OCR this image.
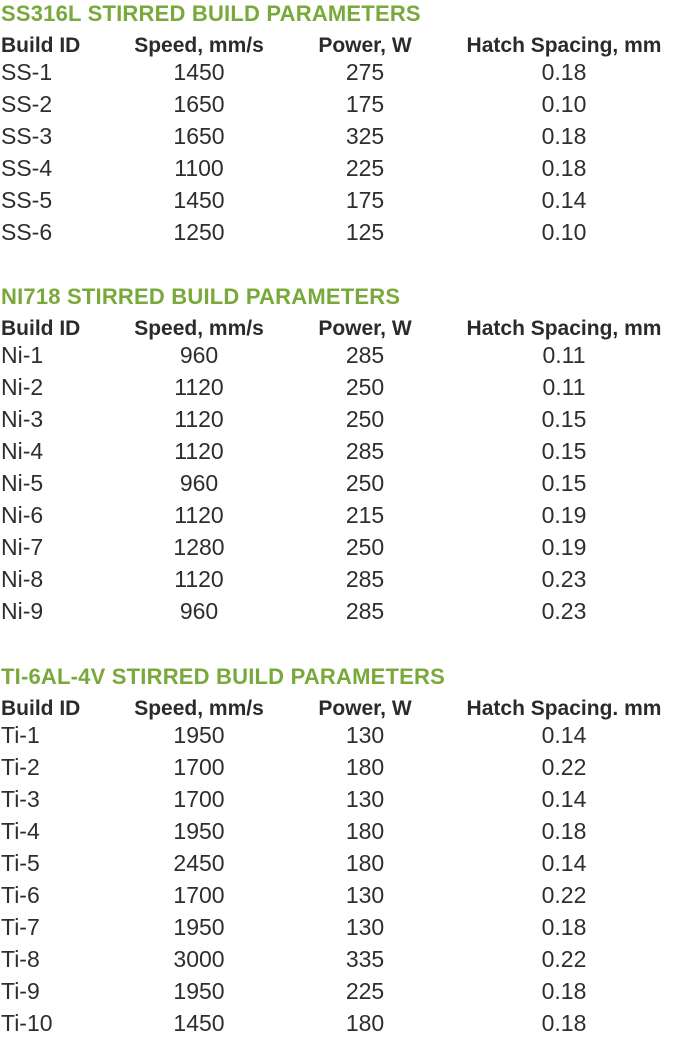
SS316L STIRRED BUILD PARAMETERS
Build ID	Speed, mm/s	Power, W	Hatch Spacing, mm
SS-1	1450	275	0.18
SS-2	1650	175	0.10
SS-3	1650	325	0.18
SS-4	1100	225	0.18
SS-5	1450	175	0.14
SS-6	1250	125	0.10
NI718 STIRRED BUILD PARAMETERS
Build ID	Speed, mm/s	Power, W	Hatch Spacing, mm
Ni-1	960	285	0.11
Ni-2	1120	250	0.11
Ni-3	1120	250	0.15
Ni-4	1120	285	0.15
Ni-5	960	250	0.15
Ni-6	1120	215	0.19
Ni-7	1280	250	0.19
Ni-8	1120	285	0.23
Ni-9	960	285	0.23
TI-6AL-4V STIRRED BUILD PARAMETERS
Build ID	Speed, mm/s	Power, W	Hatch Spacing. mm
Ti-1	1950	130	0.14
Ti-2	1700	180	0.22
Ti-3	1700	130	0.14
Ti-4	1950	180	0.18
Ti-5	2450	180	0.14
Ti-6	1700	130	0.22
Ti-7	1950	130	0.18
Ti-8	3000	335	0.22
Ti-9	1950	225	0.18
Ti-10	1450	180	0.18
